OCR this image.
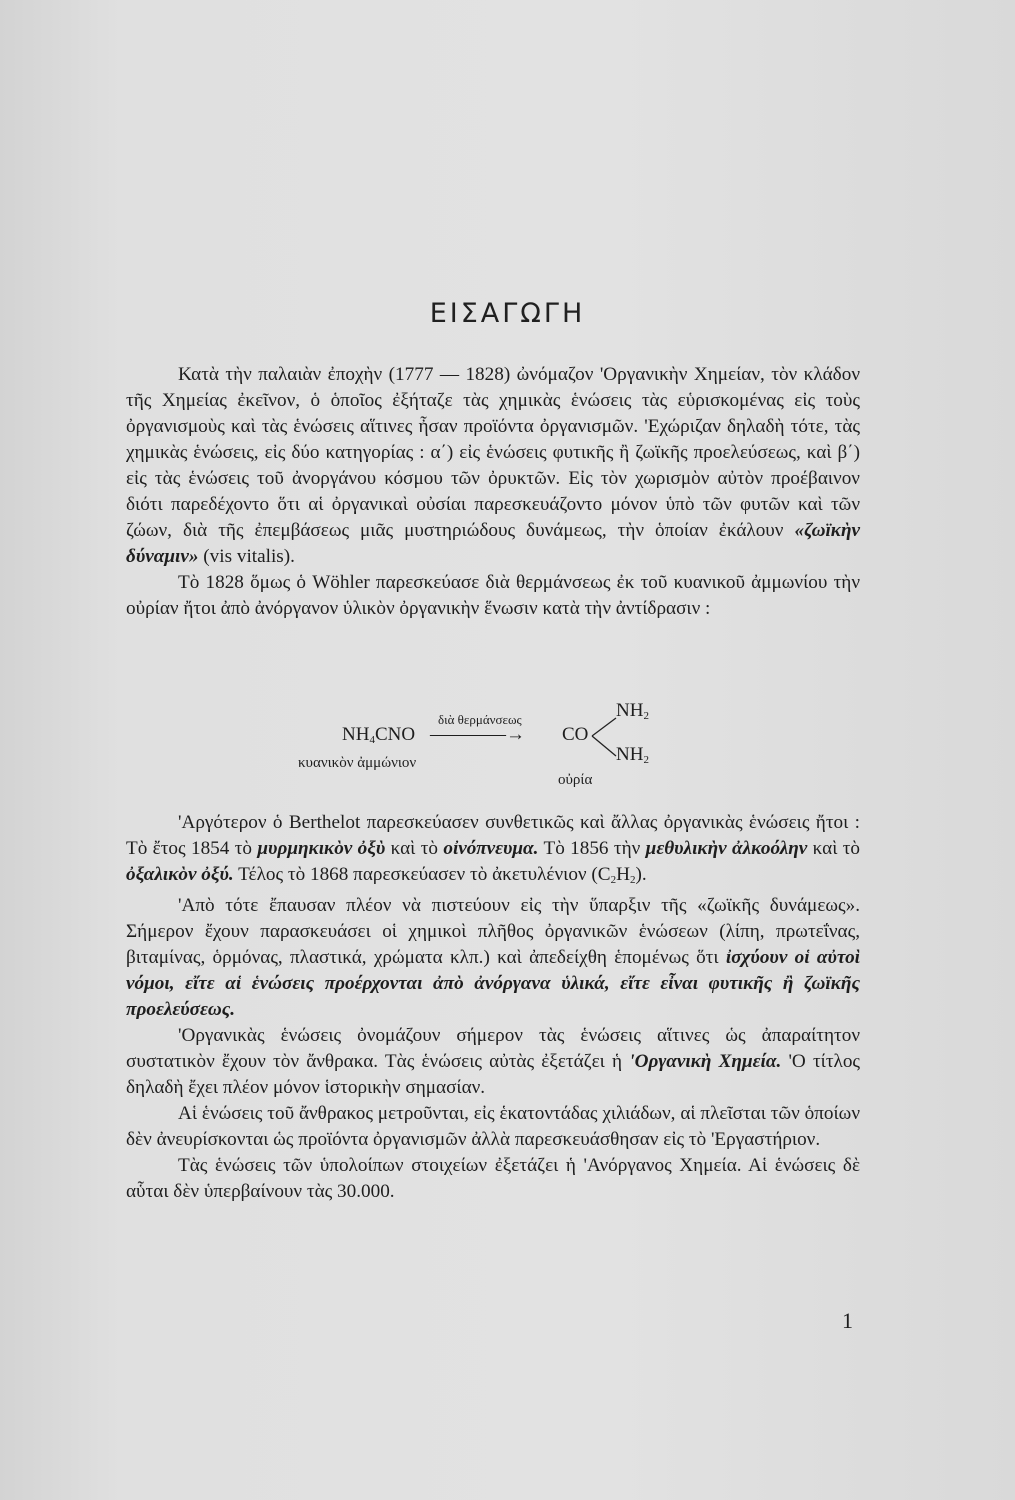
ΕΙΣΑΓΩΓΗ

Κατὰ τὴν παλαιὰν ἐποχὴν (1777 — 1828) ὠνόμαζον 'Οργανικὴν Χημείαν, τὸν κλάδον τῆς Χημείας ἐκεῖνον, ὁ ὁποῖος ἐξήταζε τὰς χημικὰς ἑνώσεις τὰς εὑρισκομένας εἰς τοὺς ὀργανισμοὺς καὶ τὰς ἑνώσεις αἵτινες ἦσαν προϊόντα ὀργανισμῶν. 'Εχώριζαν δηλαδὴ τότε, τὰς χημικὰς ἑνώσεις, εἰς δύο κατηγορίας : α΄) εἰς ἑνώσεις φυτικῆς ἢ ζωϊκῆς προελεύσεως, καὶ β΄) εἰς τὰς ἑνώσεις τοῦ ἀνοργάνου κόσμου τῶν ὀρυκτῶν. Εἰς τὸν χωρισμὸν αὐτὸν προέβαινον διότι παρεδέχοντο ὅτι αἱ ὀργανικαὶ οὐσίαι παρεσκευάζοντο μόνον ὑπὸ τῶν φυτῶν καὶ τῶν ζώων, διὰ τῆς ἐπεμβάσεως μιᾶς μυστηριώδους δυνάμεως, τὴν ὁποίαν ἐκάλουν «ζωϊκὴν δύναμιν» (vis vitalis).

Τὸ 1828 ὅμως ὁ Wöhler παρεσκεύασε διὰ θερμάνσεως ἐκ τοῦ κυανικοῦ ἀμμωνίου τὴν οὐρίαν ἤτοι ἀπὸ ἀνόργανον ὑλικὸν ὀργανικὴν ἕνωσιν κατὰ τὴν ἀντίδρασιν :

$NH_4CNO$
διὰ θερμάνσεως
————→ CO
$NH_2$
$NH_2$
κυανικὸν ἀμμώνιον
οὐρία

'Αργότερον ὁ Berthelot παρεσκεύασεν συνθετικῶς καὶ ἄλλας ὀργανικὰς ἑνώσεις ἤτοι : Τὸ ἔτος 1854 τὸ μυρμηκικὸν ὀξὺ καὶ τὸ οἰνόπνευμα. Τὸ 1856 τὴν μεθυλικὴν ἀλκοόλην καὶ τὸ ὀξαλικὸν ὀξύ. Τέλος τὸ 1868 παρεσκεύασεν τὸ ἀκετυλένιον $(C_2H_2)$.

'Απὸ τότε ἔπαυσαν πλέον νὰ πιστεύουν εἰς τὴν ὕπαρξιν τῆς «ζωϊκῆς δυνάμεως». Σήμερον ἔχουν παρασκευάσει οἱ χημικοὶ πλῆθος ὀργανικῶν ἑνώσεων (λίπη, πρωτεΐνας, βιταμίνας, ὁρμόνας, πλαστικά, χρώματα κλπ.) καὶ ἀπεδείχθη ἑπομένως ὅτι ἰσχύουν οἱ αὐτοὶ νόμοι, εἴτε αἱ ἑνώσεις προέρχονται ἀπὸ ἀνόργανα ὑλικά, εἴτε εἶναι φυτικῆς ἢ ζωϊκῆς προελεύσεως.

'Οργανικὰς ἑνώσεις ὀνομάζουν σήμερον τὰς ἑνώσεις αἵτινες ὡς ἀπαραίτητον συστατικὸν ἔχουν τὸν ἄνθρακα. Τὰς ἑνώσεις αὐτὰς ἐξετάζει ἡ 'Οργανικὴ Χημεία. 'Ο τίτλος δηλαδὴ ἔχει πλέον μόνον ἱστορικὴν σημασίαν.

Αἱ ἑνώσεις τοῦ ἄνθρακος μετροῦνται, εἰς ἑκατοντάδας χιλιάδων, αἱ πλεῖσται τῶν ὁποίων δὲν ἀνευρίσκονται ὡς προϊόντα ὀργανισμῶν ἀλλὰ παρεσκευάσθησαν εἰς τὸ 'Εργαστήριον.

Τὰς ἑνώσεις τῶν ὑπολοίπων στοιχείων ἐξετάζει ἡ 'Ανόργανος Χημεία. Αἱ ἑνώσεις δὲ αὗται δὲν ὑπερβαίνουν τὰς 30.000.

1
